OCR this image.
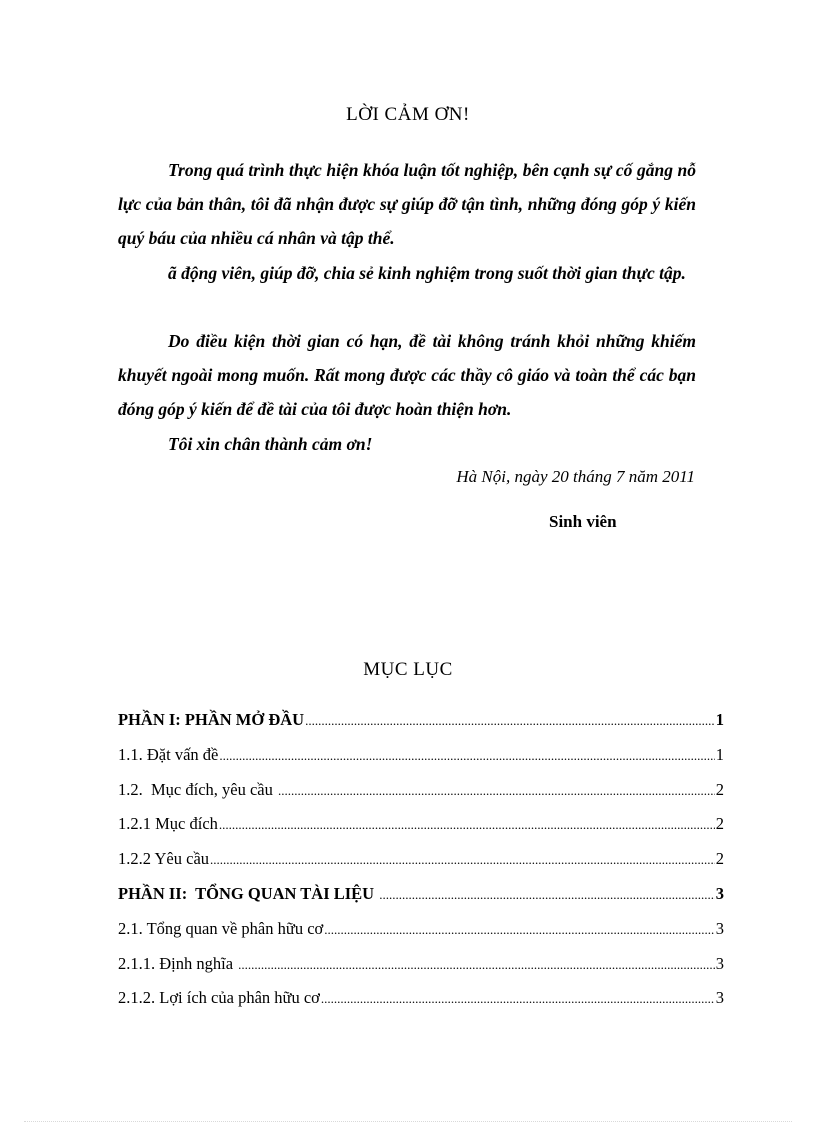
LỜI CẢM ƠN!
Trong quá trình thực hiện khóa luận tốt nghiệp, bên cạnh sự cố gắng nỗ lực của bản thân, tôi đã nhận được sự giúp đỡ tận tình, những đóng góp ý kiến quý báu của nhiều cá nhân và tập thể.
ã động viên, giúp đỡ, chia sẻ kinh nghiệm trong suốt thời gian thực tập.
Do điều kiện thời gian có hạn, đề tài không tránh khỏi những khiếm khuyết ngoài mong muốn. Rất mong được các thầy cô giáo và toàn thể các bạn đóng góp ý kiến để đề tài của tôi được hoàn thiện hơn.
Tôi xin chân thành cảm ơn!
Hà Nội, ngày 20 tháng 7 năm 2011
Sinh viên
MỤC LỤC
PHẦN I: PHẦN MỞ ĐẦU .....	1
1.1. Đặt vấn đề .....	1
1.2.  Mục đích, yêu cầu .....	2
1.2.1 Mục đích .....	2
1.2.2 Yêu cầu .....	2
PHẦN II:  TỔNG QUAN TÀI LIỆU .....	3
2.1. Tổng quan về phân hữu cơ .....	3
2.1.1. Định nghĩa .....	3
2.1.2. Lợi ích của phân hữu cơ .....	3
